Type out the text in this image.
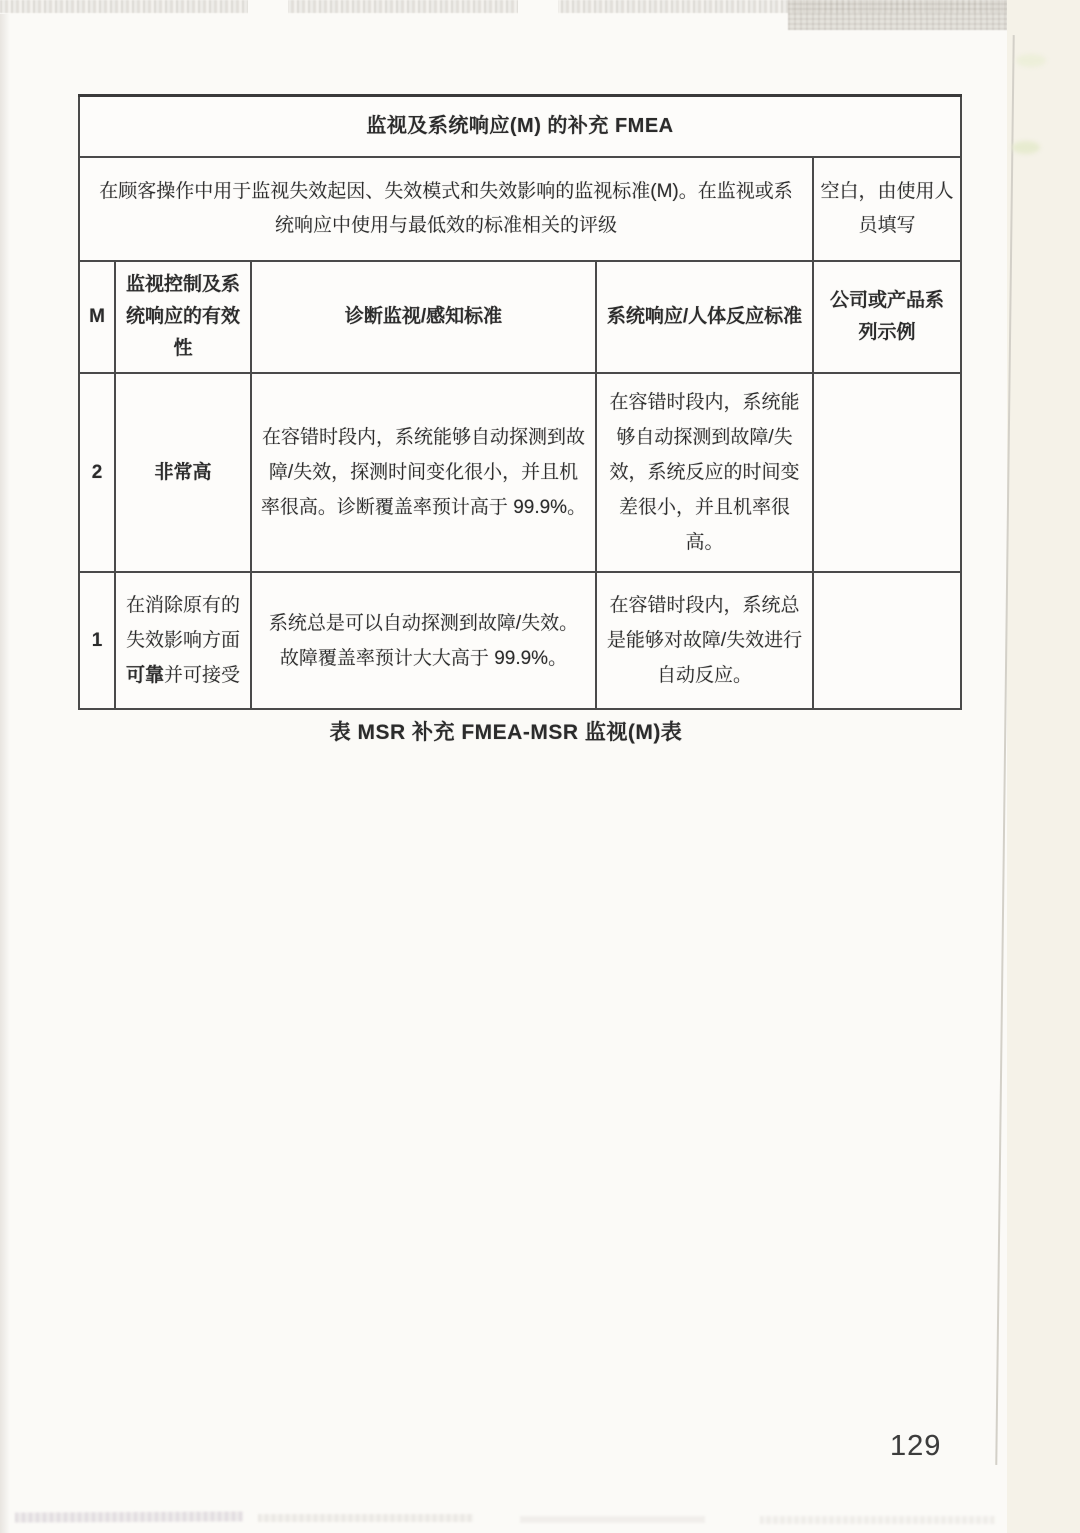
监视及系统响应(M) 的补充 FMEA				
在顾客操作中用于监视失效起因、失效模式和失效影响的监视标准(M)。在监视或系统响应中使用与最低效的标准相关的评级				空白，由使用人员填写
M	监视控制及系统响应的有效性	诊断监视/感知标准	系统响应/人体反应标准	公司或产品系列示例
2	非常高	在容错时段内，系统能够自动探测到故障/失效，探测时间变化很小，并且机率很高。诊断覆盖率预计高于 99.9%。	在容错时段内，系统能够自动探测到故障/失效，系统反应的时间变差很小，并且机率很高。	
1	在消除原有的失效影响方面可靠并可接受	系统总是可以自动探测到故障/失效。故障覆盖率预计大大高于 99.9%。	在容错时段内，系统总是能够对故障/失效进行自动反应。	
表 MSR 补充 FMEA-MSR 监视(M)表
129
